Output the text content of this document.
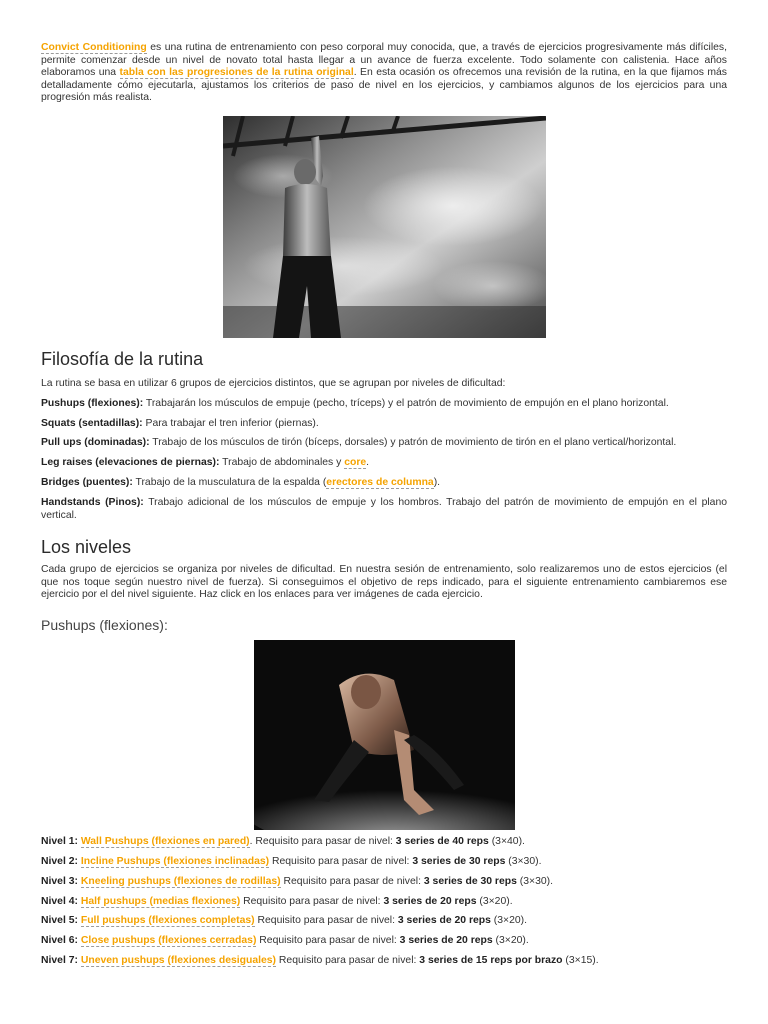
Convict Conditioning es una rutina de entrenamiento con peso corporal muy conocida, que, a través de ejercicios progresivamente más difíciles, permite comenzar desde un nivel de novato total hasta llegar a un avance de fuerza excelente. Todo solamente con calistenia. Hace años elaboramos una tabla con las progresiones de la rutina original. En esta ocasión os ofrecemos una revisión de la rutina, en la que fijamos más detalladamente cómo ejecutarla, ajustamos los criterios de paso de nivel en los ejercicios, y cambiamos algunos de los ejercicios para una progresión más realista.

Filosofía de la rutina

La rutina se basa en utilizar 6 grupos de ejercicios distintos, que se agrupan por niveles de dificultad:

Pushups (flexiones): Trabajarán los músculos de empuje (pecho, tríceps) y el patrón de movimiento de empujón en el plano horizontal.

Squats (sentadillas): Para trabajar el tren inferior (piernas).

Pull ups (dominadas): Trabajo de los músculos de tirón (bíceps, dorsales) y patrón de movimiento de tirón en el plano vertical/horizontal.

Leg raises (elevaciones de piernas): Trabajo de abdominales y core.

Bridges (puentes): Trabajo de la musculatura de la espalda (erectores de columna).

Handstands (Pinos): Trabajo adicional de los músculos de empuje y los hombros. Trabajo del patrón de movimiento de empujón en el plano vertical.

Los niveles

Cada grupo de ejercicios se organiza por niveles de dificultad. En nuestra sesión de entrenamiento, solo realizaremos uno de estos ejercicios (el que nos toque según nuestro nivel de fuerza). Si conseguimos el objetivo de reps indicado, para el siguiente entrenamiento cambiaremos ese ejercicio por el del nivel siguiente. Haz click en los enlaces para ver imágenes de cada ejercicio.

Pushups (flexiones):

Nivel 1: Wall Pushups (flexiones en pared). Requisito para pasar de nivel: 3 series de 40 reps (3×40).

Nivel 2: Incline Pushups (flexiones inclinadas) Requisito para pasar de nivel: 3 series de 30 reps (3×30).

Nivel 3: Kneeling pushups (flexiones de rodillas) Requisito para pasar de nivel: 3 series de 30 reps (3×30).

Nivel 4: Half pushups (medias flexiones) Requisito para pasar de nivel: 3 series de 20 reps (3×20).

Nivel 5: Full pushups (flexiones completas) Requisito para pasar de nivel: 3 series de 20 reps (3×20).

Nivel 6: Close pushups (flexiones cerradas) Requisito para pasar de nivel: 3 series de 20 reps (3×20).

Nivel 7: Uneven pushups (flexiones desiguales) Requisito para pasar de nivel: 3 series de 15 reps por brazo (3×15).
